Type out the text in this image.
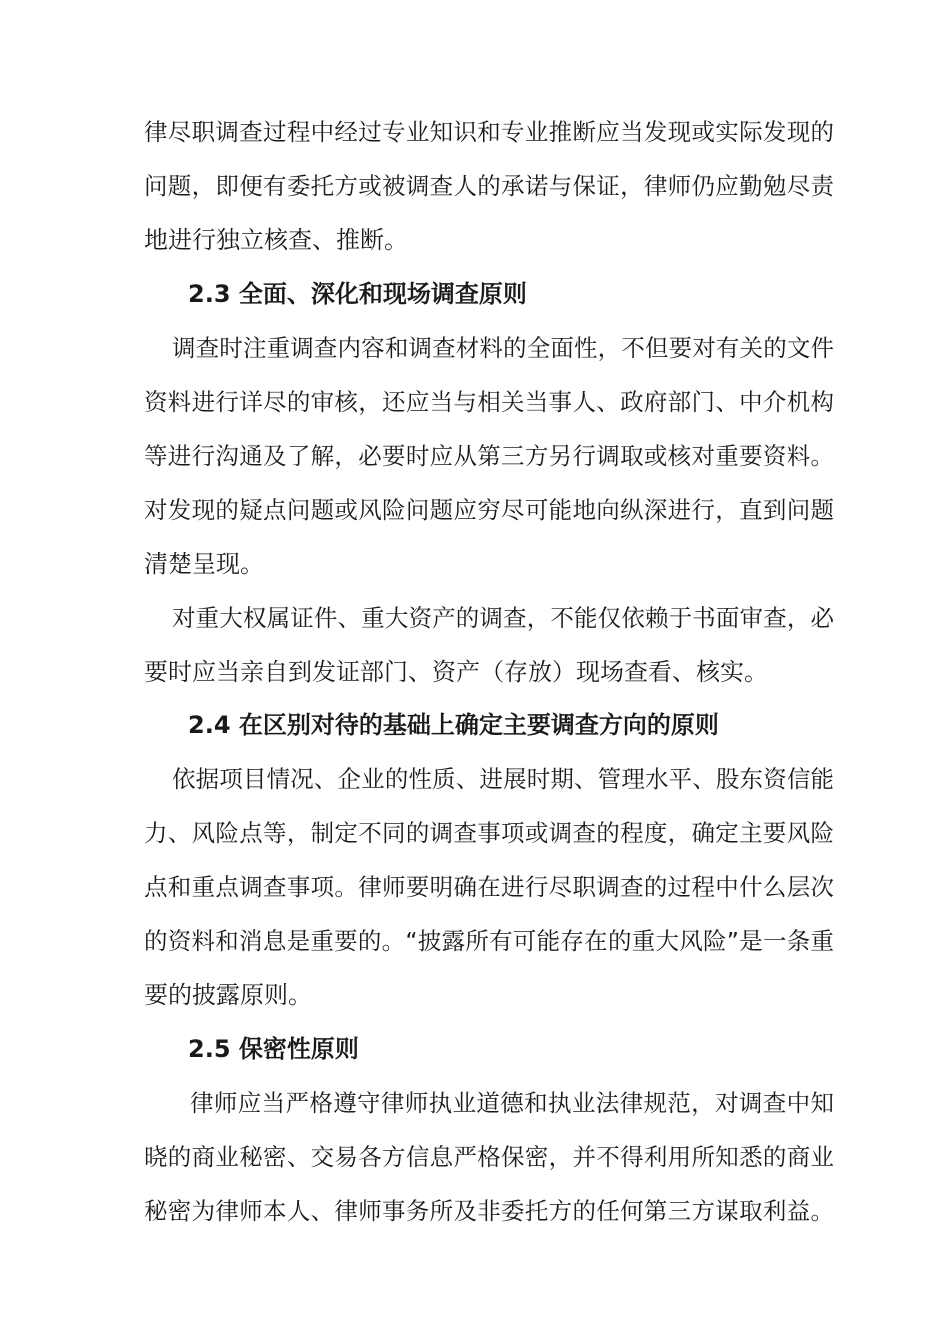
律尽职调查过程中经过专业知识和专业推断应当发现或实际发现的
问题，即便有委托方或被调查人的承诺与保证，律师仍应勤勉尽责
地进行独立核查、推断。
2.3 全面、深化和现场调查原则
调查时注重调查内容和调查材料的全面性，不但要对有关的文件
资料进行详尽的审核，还应当与相关当事人、政府部门、中介机构
等进行沟通及了解，必要时应从第三方另行调取或核对重要资料。
对发现的疑点问题或风险问题应穷尽可能地向纵深进行，直到问题
清楚呈现。
对重大权属证件、重大资产的调查，不能仅依赖于书面审查，必
要时应当亲自到发证部门、资产（存放）现场查看、核实。
2.4 在区别对待的基础上确定主要调查方向的原则
依据项目情况、企业的性质、进展时期、管理水平、股东资信能
力、风险点等，制定不同的调查事项或调查的程度，确定主要风险
点和重点调查事项。律师要明确在进行尽职调查的过程中什么层次
的资料和消息是重要的。“披露所有可能存在的重大风险”是一条重
要的披露原则。
2.5 保密性原则
律师应当严格遵守律师执业道德和执业法律规范，对调查中知
晓的商业秘密、交易各方信息严格保密，并不得利用所知悉的商业
秘密为律师本人、律师事务所及非委托方的任何第三方谋取利益。
